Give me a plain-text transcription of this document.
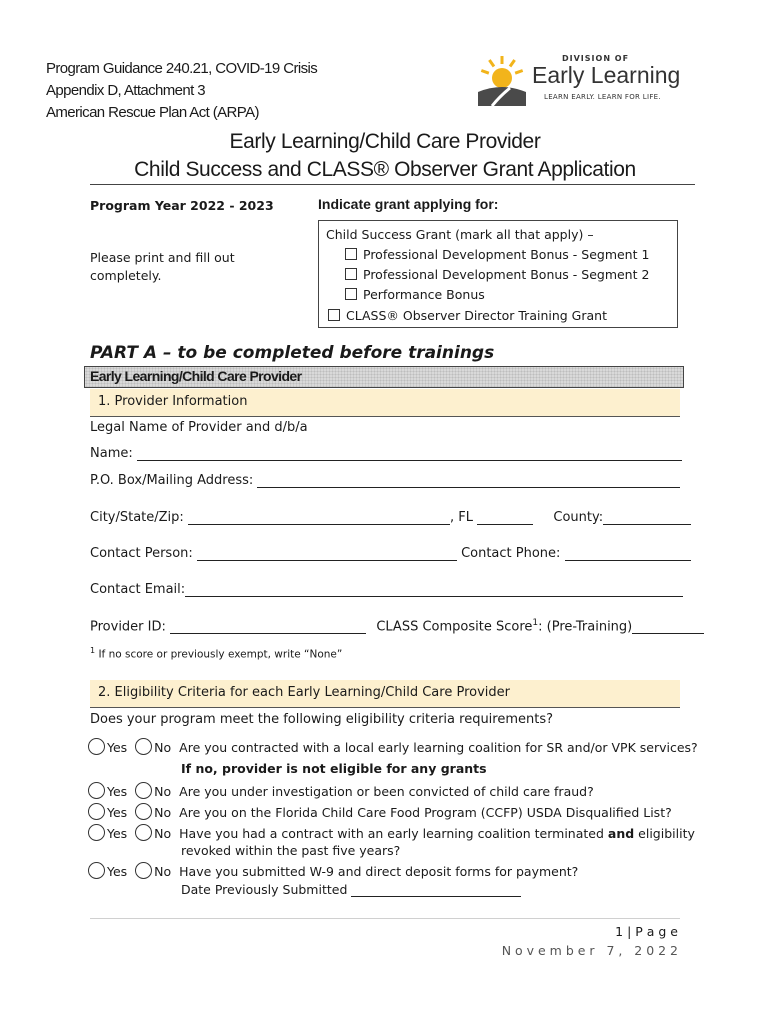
Program Guidance 240.21, COVID-19 Crisis
Appendix D, Attachment 3
American Rescue Plan Act (ARPA)
DIVISION OF
Early Learning
LEARN EARLY. LEARN FOR LIFE.
Early Learning/Child Care Provider
Child Success and CLASS® Observer Grant Application
Program Year 2022 - 2023	Indicate grant applying for:
Please print and fill out
completely.
Child Success Grant (mark all that apply) –
Professional Development Bonus - Segment 1
Professional Development Bonus - Segment 2
Performance Bonus
CLASS® Observer Director Training Grant
PART A – to be completed before trainings
Early Learning/Child Care Provider
1. Provider Information
Legal Name of Provider and d/b/a
Name:
P.O. Box/Mailing Address:
City/State/Zip:	, FL	County:
Contact Person:	Contact Phone:
Contact Email:
Provider ID:	CLASS Composite Score$^1$: (Pre-Training)
$^1$ If no score or previously exempt, write “None”
2. Eligibility Criteria for each Early Learning/Child Care Provider
Does your program meet the following eligibility criteria requirements?
Yes No Are you contracted with a local early learning coalition for SR and/or VPK services?
If no, provider is not eligible for any grants
Yes No Are you under investigation or been convicted of child care fraud?
Yes No Are you on the Florida Child Care Food Program (CCFP) USDA Disqualified List?
Yes No Have you had a contract with an early learning coalition terminated and eligibility
revoked within the past five years?
Yes No Have you submitted W-9 and direct deposit forms for payment?
Date Previously Submitted
1 | P a g e
N o v e m b e r   7 ,   2 0 2 2
